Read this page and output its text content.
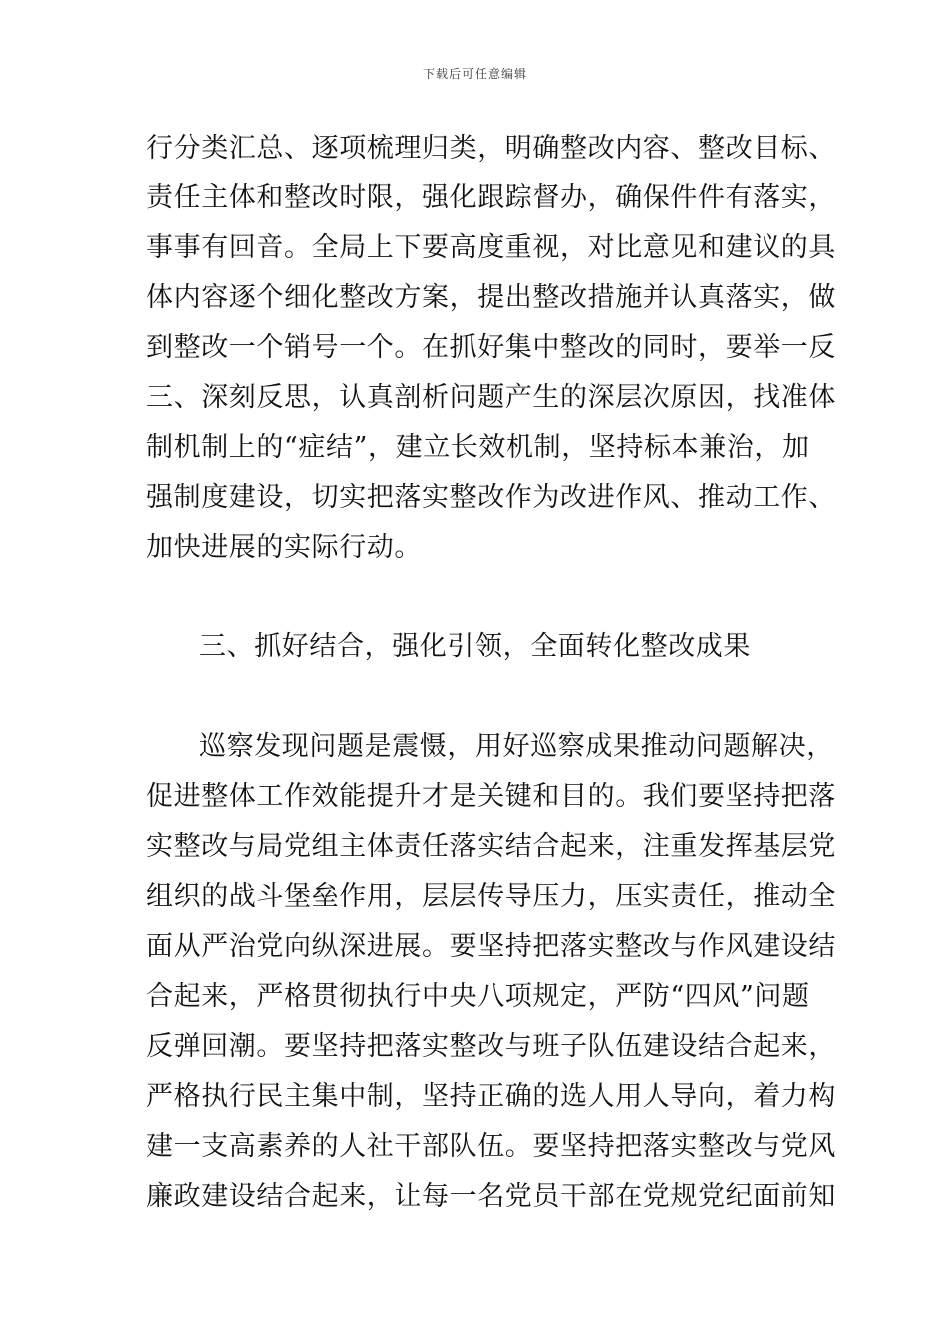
下载后可任意编辑
行分类汇总、逐项梳理归类，明确整改内容、整改目标、
责任主体和整改时限，强化跟踪督办，确保件件有落实，
事事有回音。全局上下要高度重视，对比意见和建议的具
体内容逐个细化整改方案，提出整改措施并认真落实，做
到整改一个销号一个。在抓好集中整改的同时，要举一反
三、深刻反思，认真剖析问题产生的深层次原因，找准体
制机制上的“症结”，建立长效机制，坚持标本兼治，加
强制度建设，切实把落实整改作为改进作风、推动工作、
加快进展的实际行动。
三、抓好结合，强化引领，全面转化整改成果
巡察发现问题是震慑，用好巡察成果推动问题解决，
促进整体工作效能提升才是关键和目的。我们要坚持把落
实整改与局党组主体责任落实结合起来，注重发挥基层党
组织的战斗堡垒作用，层层传导压力，压实责任，推动全
面从严治党向纵深进展。要坚持把落实整改与作风建设结
合起来，严格贯彻执行中央八项规定，严防“四风”问题
反弹回潮。要坚持把落实整改与班子队伍建设结合起来，
严格执行民主集中制，坚持正确的选人用人导向，着力构
建一支高素养的人社干部队伍。要坚持把落实整改与党风
廉政建设结合起来，让每一名党员干部在党规党纪面前知
